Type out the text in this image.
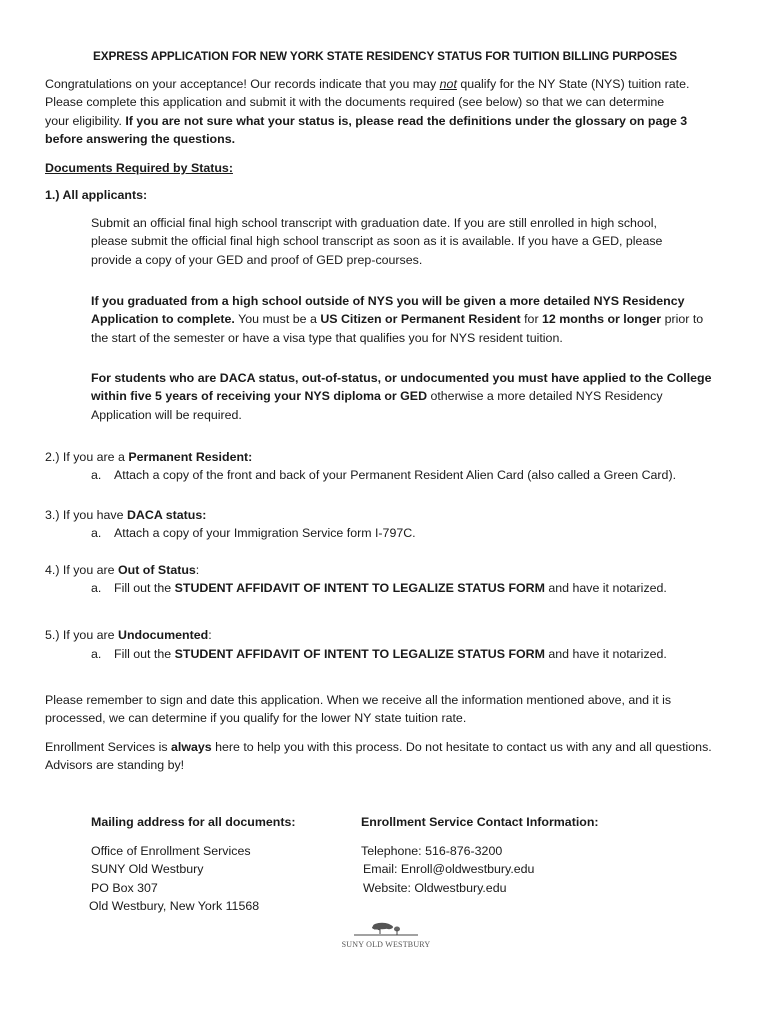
EXPRESS APPLICATION FOR NEW YORK STATE RESIDENCY STATUS FOR TUITION BILLING PURPOSES
Congratulations on your acceptance! Our records indicate that you may not qualify for the NY State (NYS) tuition rate.
Please complete this application and submit it with the documents required (see below) so that we can determine
your eligibility. If you are not sure what your status is, please read the definitions under the glossary on page 3
before answering the questions.
Documents Required by Status:
1.) All applicants:
Submit an official final high school transcript with graduation date. If you are still enrolled in high school,
please submit the official final high school transcript as soon as it is available. If you have a GED, please
provide a copy of your GED and proof of GED prep-courses.
If you graduated from a high school outside of NYS you will be given a more detailed NYS Residency
Application to complete. You must be a US Citizen or Permanent Resident for 12 months or longer prior to
the start of the semester or have a visa type that qualifies you for NYS resident tuition.
For students who are DACA status, out-of-status, or undocumented you must have applied to the College
within five 5 years of receiving your NYS diploma or GED otherwise a more detailed NYS Residency
Application will be required.
2.) If you are a Permanent Resident:
a. Attach a copy of the front and back of your Permanent Resident Alien Card (also called a Green Card).
3.) If you have DACA status:
a. Attach a copy of your Immigration Service form I-797C.
4.) If you are Out of Status:
a. Fill out the STUDENT AFFIDAVIT OF INTENT TO LEGALIZE STATUS FORM and have it notarized.
5.) If you are Undocumented:
a. Fill out the STUDENT AFFIDAVIT OF INTENT TO LEGALIZE STATUS FORM and have it notarized.
Please remember to sign and date this application. When we receive all the information mentioned above, and it is
processed, we can determine if you qualify for the lower NY state tuition rate.
Enrollment Services is always here to help you with this process. Do not hesitate to contact us with any and all questions.
Advisors are standing by!
Mailing address for all documents:
Office of Enrollment Services
SUNY Old Westbury
PO Box 307
Old Westbury, New York 11568
Enrollment Service Contact Information:
Telephone: 516-876-3200
Email: Enroll@oldwestbury.edu
Website: Oldwestbury.edu
SUNY OLD WESTBURY
